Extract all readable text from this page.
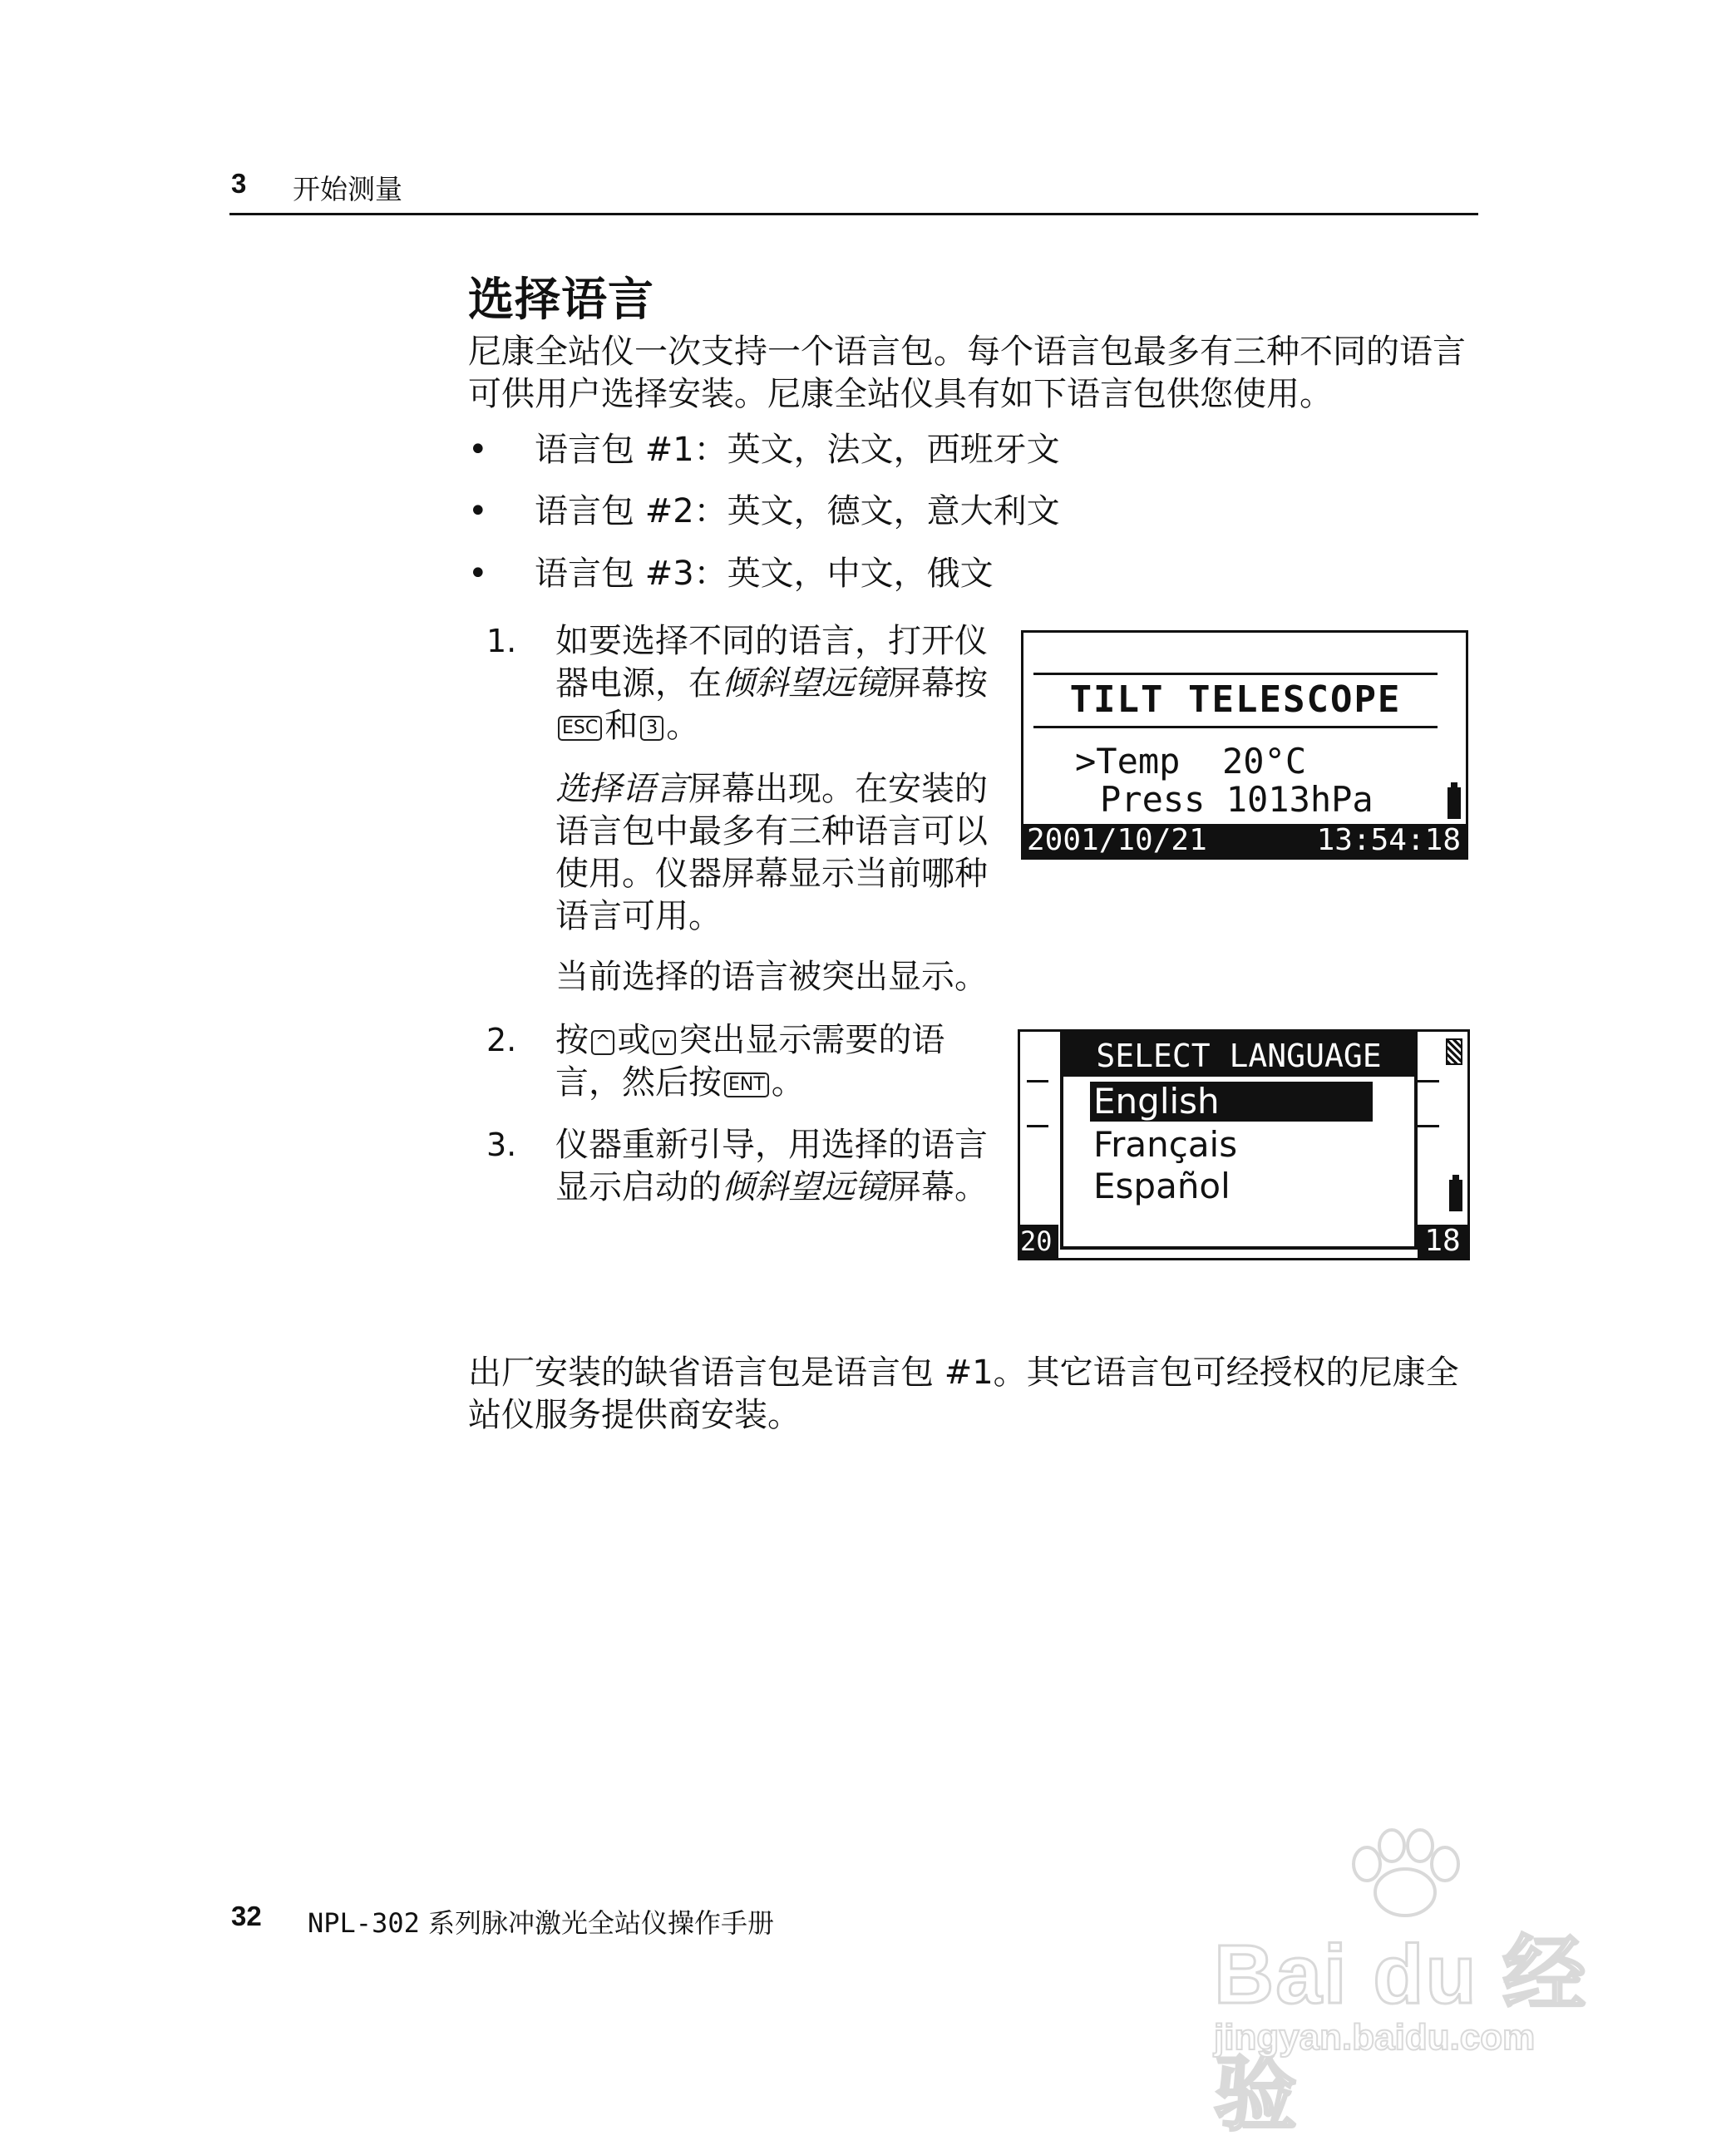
3 开始测量
选择语言
尼康全站仪一次支持一个语言包。每个语言包最多有三种不同的语言可供用户选择安装。尼康全站仪具有如下语言包供您使用。
• 语言包 #1：英文，法文，西班牙文
• 语言包 #2：英文，德文，意大利文
• 语言包 #3：英文，中文，俄文
1. 如要选择不同的语言，打开仪器电源，在倾斜望远镜屏幕按ESC 和 3 。
选择语言屏幕出现。在安装的语言包中最多有三种语言可以使用。仪器屏幕显示当前哪种语言可用。
当前选择的语言被突出显示。
2. 按 ^ 或 v 突出显示需要的语言，然后按 ENT 。
3. 仪器重新引导，用选择的语言显示启动的倾斜望远镜屏幕。
TILT TELESCOPE
>Temp  20°C
Press 1013hPa
2001/10/21	13:54:18
20	18
SELECT LANGUAGE
English
Français
Español
出厂安装的缺省语言包是语言包 #1。其它语言包可经授权的尼康全站仪服务提供商安装。
32 NPL-302 系列脉冲激光全站仪操作手册
Bai du 经验
jingyan.baidu.com
